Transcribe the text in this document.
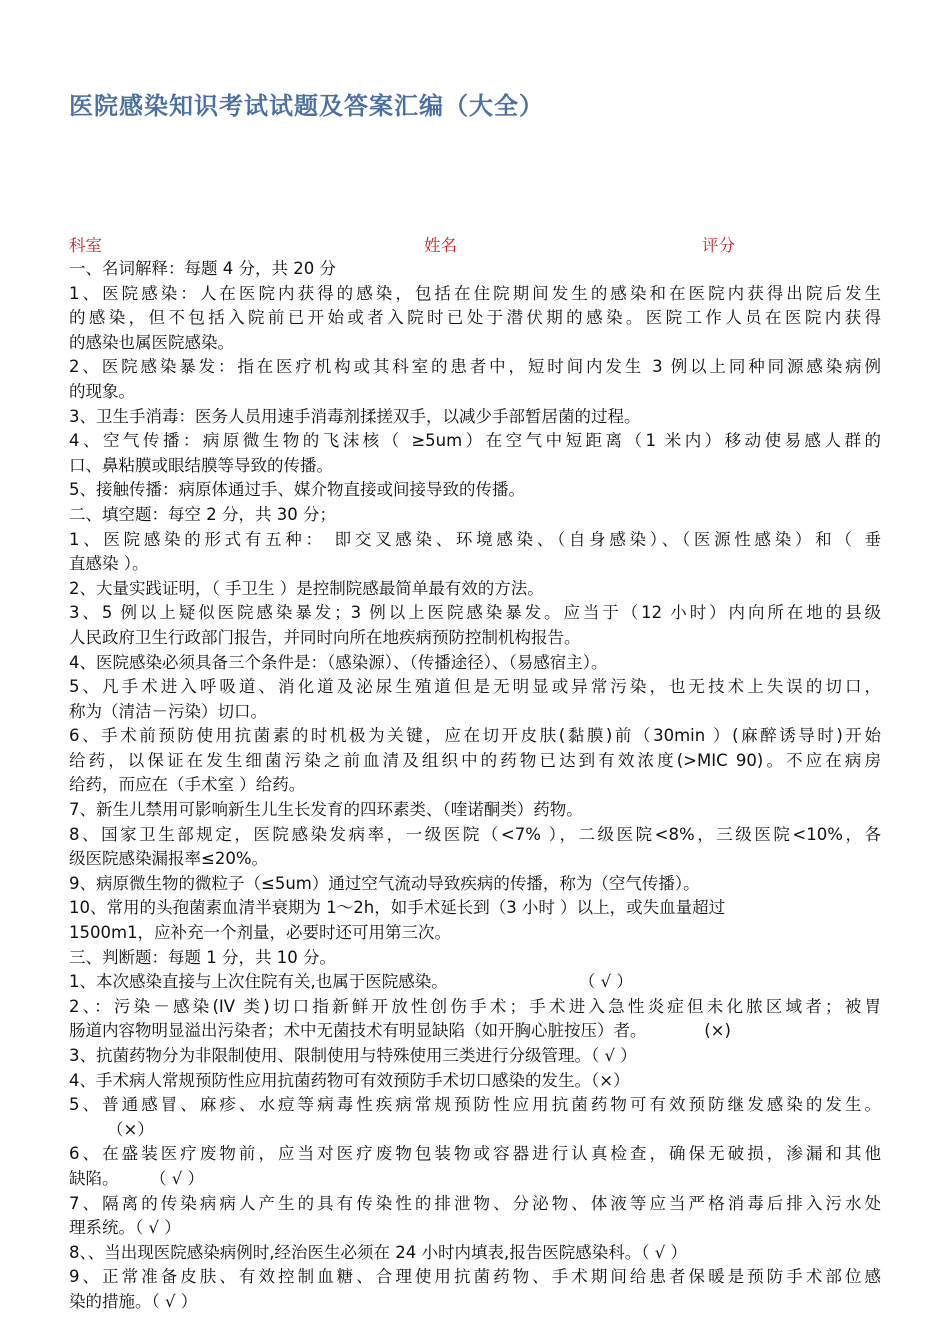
医院感染知识考试试题及答案汇编（大全）
科室	姓名	评分
一、名词解释：每题 4 分，共 20 分
1、医院感染：人在医院内获得的感染，包括在住院期间发生的感染和在医院内获得出院后发生
的感染，但不包括入院前已开始或者入院时已处于潜伏期的感染。医院工作人员在医院内获得
的感染也属医院感染。
2、医院感染暴发：指在医疗机构或其科室的患者中，短时间内发生 3 例以上同种同源感染病例
的现象。
3、卫生手消毒：医务人员用速手消毒剂揉搓双手，以减少手部暂居菌的过程。
4、空气传播：病原微生物的飞沫核（ ≥5um）在空气中短距离（1 米内）移动使易感人群的
口、鼻粘膜或眼结膜等导致的传播。
5、接触传播：病原体通过手、媒介物直接或间接导致的传播。
二、填空题：每空 2 分，共 30 分；
1、医院感染的形式有五种： 即交叉感染、环境感染、（自身感染）、（医源性感染）和（ 垂
直感染 ）。
2、大量实践证明，（ 手卫生 ）是控制院感最简单最有效的方法。
3、5 例以上疑似医院感染暴发；3 例以上医院感染暴发。应当于（12 小时）内向所在地的县级
人民政府卫生行政部门报告，并同时向所在地疾病预防控制机构报告。
4、医院感染必须具备三个条件是：（感染源）、（传播途径）、（易感宿主）。
5、凡手术进入呼吸道、消化道及泌尿生殖道但是无明显或异常污染，也无技术上失误的切口，
称为（清洁－污染）切口。
6、手术前预防使用抗菌素的时机极为关键，应在切开皮肤(黏膜)前（30min ）(麻醉诱导时)开始
给药，以保证在发生细菌污染之前血清及组织中的药物已达到有效浓度(>MIC 90)。不应在病房
给药，而应在（手术室 ）给药。
7、新生儿禁用可影响新生儿生长发育的四环素类、（喹诺酮类）药物。
8、国家卫生部规定，医院感染发病率，一级医院（<7% ），二级医院<8%，三级医院<10%，各
级医院感染漏报率≤20%。
9、病原微生物的微粒子（≤5um）通过空气流动导致疾病的传播，称为（空气传播）。
10、常用的头孢菌素血清半衰期为 1～2h，如手术延长到（3 小时 ）以上，或失血量超过
1500m1，应补充一个剂量，必要时还可用第三次。
三、判断题：每题 1 分，共 10 分。
1、本次感染直接与上次住院有关,也属于医院感染。                         （ √ ）
2、：污染－感染(IV 类)切口指新鲜开放性创伤手术；手术进入急性炎症但未化脓区域者；被胃
肠道内容物明显溢出污染者；术中无菌技术有明显缺陷（如开胸心脏按压）者。           (×)
3、抗菌药物分为非限制使用、限制使用与特殊使用三类进行分级管理。（ √ ）
4、手术病人常规预防性应用抗菌药物可有效预防手术切口感染的发生。（×）
5、普通感冒、麻疹、水痘等病毒性疾病常规预防性应用抗菌药物可有效预防继发感染的发生。
（×）
6、在盛装医疗废物前，应当对医疗废物包装物或容器进行认真检查，确保无破损，渗漏和其他
缺陷。      （ √ ）
7、隔离的传染病病人产生的具有传染性的排泄物、分泌物、体液等应当严格消毒后排入污水处
理系统。（ √ ）
8、、当出现医院感染病例时,经治医生必须在 24 小时内填表,报告医院感染科。（ √ ）
9、正常准备皮肤、有效控制血糖、合理使用抗菌药物、手术期间给患者保暖是预防手术部位感
染的措施。（ √ ）
